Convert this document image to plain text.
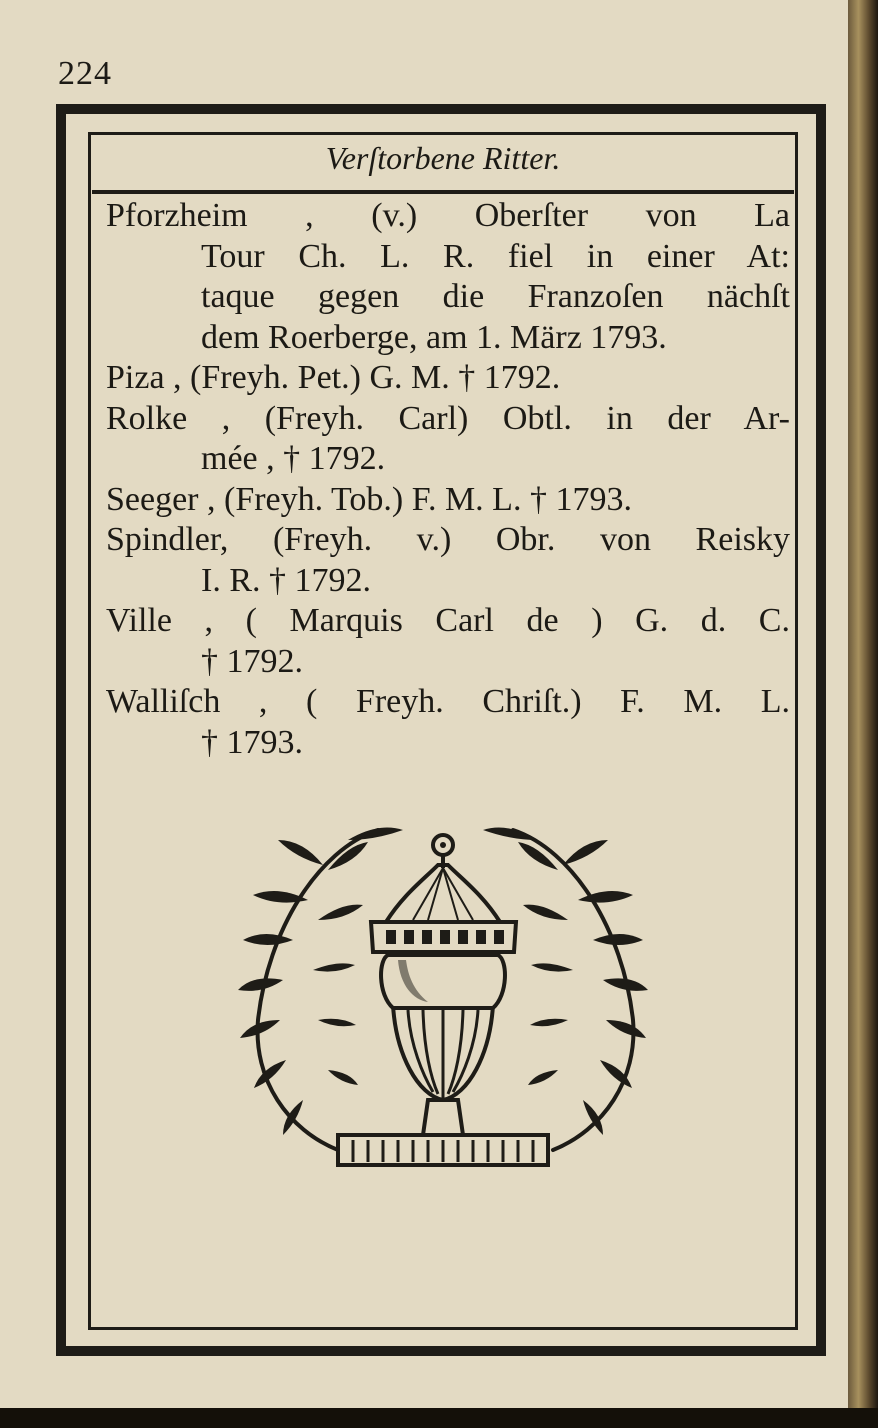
224
Verſtorbene Ritter.
Pforzheim , (v.) Oberſter von La
Tour Ch. L. R. fiel in einer At:
taque gegen die Franzoſen nächſt
dem Roerberge, am 1. März 1793.
Piza , (Freyh. Pet.) G. M. † 1792.
Rolke , (Freyh. Carl) Obtl. in der Ar-
mée , † 1792.
Seeger , (Freyh. Tob.) F. M. L. † 1793.
Spindler, (Freyh. v.) Obr. von Reisky
I. R. † 1792.
Ville , ( Marquis Carl de ) G. d. C.
† 1792.
Walliſch , ( Freyh. Chriſt.) F. M. L.
† 1793.
